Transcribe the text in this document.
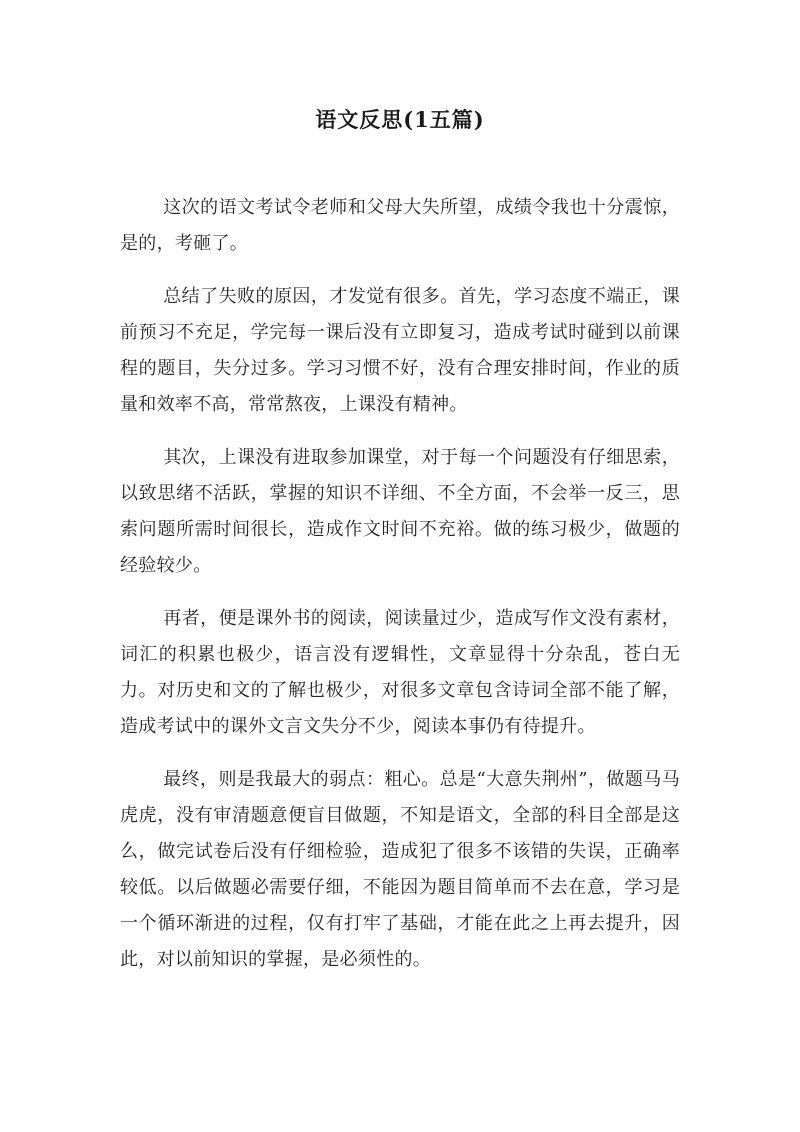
语文反思(1五篇)

这次的语文考试令老师和父母大失所望，成绩令我也十分震惊，是的，考砸了。

总结了失败的原因，才发觉有很多。首先，学习态度不端正，课前预习不充足，学完每一课后没有立即复习，造成考试时碰到以前课程的题目，失分过多。学习习惯不好，没有合理安排时间，作业的质量和效率不高，常常熬夜，上课没有精神。

其次，上课没有进取参加课堂，对于每一个问题没有仔细思索，以致思绪不活跃，掌握的知识不详细、不全方面，不会举一反三，思索问题所需时间很长，造成作文时间不充裕。做的练习极少，做题的经验较少。

再者，便是课外书的阅读，阅读量过少，造成写作文没有素材，词汇的积累也极少，语言没有逻辑性，文章显得十分杂乱，苍白无力。对历史和文的了解也极少，对很多文章包含诗词全部不能了解，造成考试中的课外文言文失分不少，阅读本事仍有待提升。

最终，则是我最大的弱点：粗心。总是“大意失荆州”，做题马马虎虎，没有审清题意便盲目做题，不知是语文，全部的科目全部是这么，做完试卷后没有仔细检验，造成犯了很多不该错的失误，正确率较低。以后做题必需要仔细，不能因为题目简单而不去在意，学习是一个循环渐进的过程，仅有打牢了基础，才能在此之上再去提升，因此，对以前知识的掌握，是必须性的。
